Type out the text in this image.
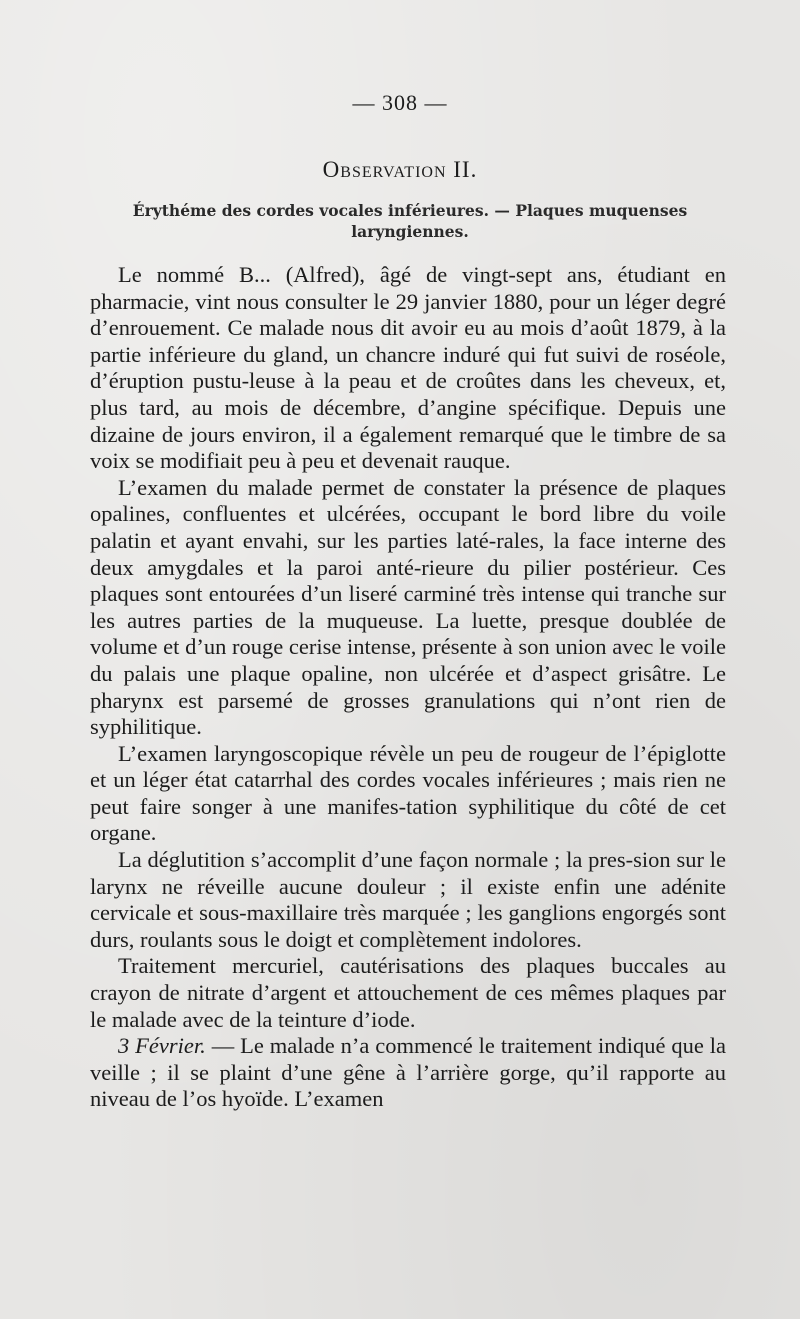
— 308 —
Observation II.
Érythéme des cordes vocales inférieures. — Plaques muquenses laryngiennes.

Le nommé B... (Alfred), âgé de vingt-sept ans, étudiant en pharmacie, vint nous consulter le 29 janvier 1880, pour un léger degré d’enrouement. Ce malade nous dit avoir eu au mois d’août 1879, à la partie inférieure du gland, un chancre induré qui fut suivi de roséole, d’éruption pustu-leuse à la peau et de croûtes dans les cheveux, et, plus tard, au mois de décembre, d’angine spécifique. Depuis une dizaine de jours environ, il a également remarqué que le timbre de sa voix se modifiait peu à peu et devenait rauque.

L’examen du malade permet de constater la présence de plaques opalines, confluentes et ulcérées, occupant le bord libre du voile palatin et ayant envahi, sur les parties laté-rales, la face interne des deux amygdales et la paroi anté-rieure du pilier postérieur. Ces plaques sont entourées d’un liseré carminé très intense qui tranche sur les autres parties de la muqueuse. La luette, presque doublée de volume et d’un rouge cerise intense, présente à son union avec le voile du palais une plaque opaline, non ulcérée et d’aspect grisâtre. Le pharynx est parsemé de grosses granulations qui n’ont rien de syphilitique.

L’examen laryngoscopique révèle un peu de rougeur de l’épiglotte et un léger état catarrhal des cordes vocales inférieures ; mais rien ne peut faire songer à une manifes-tation syphilitique du côté de cet organe.

La déglutition s’accomplit d’une façon normale ; la pres-sion sur le larynx ne réveille aucune douleur ; il existe enfin une adénite cervicale et sous-maxillaire très marquée ; les ganglions engorgés sont durs, roulants sous le doigt et complètement indolores.

Traitement mercuriel, cautérisations des plaques buccales au crayon de nitrate d’argent et attouchement de ces mêmes plaques par le malade avec de la teinture d’iode.

3 Février. — Le malade n’a commencé le traitement indiqué que la veille ; il se plaint d’une gêne à l’arrière gorge, qu’il rapporte au niveau de l’os hyoïde. L’examen
